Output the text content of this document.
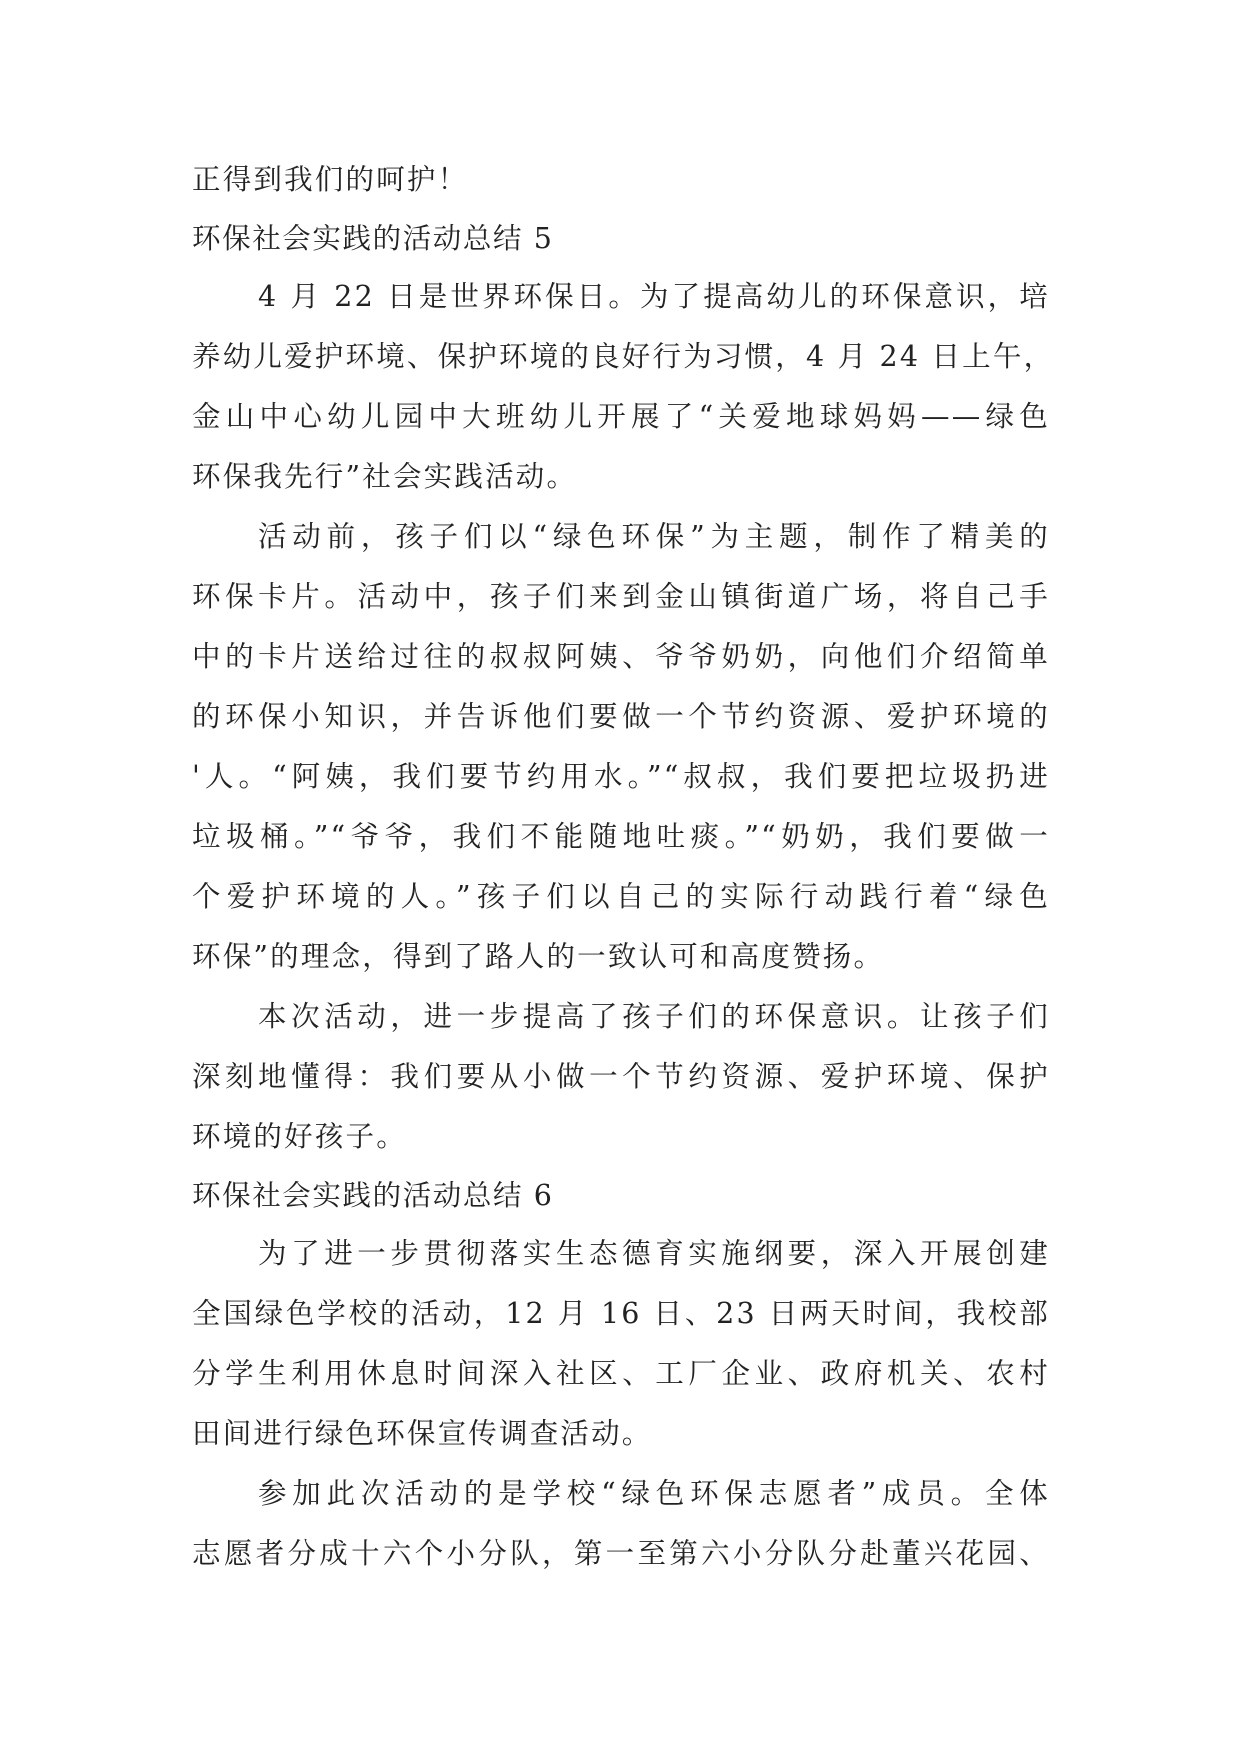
正得到我们的呵护！
环保社会实践的活动总结 5
4 月 22 日是世界环保日。为了提高幼儿的环保意识，培
养幼儿爱护环境、保护环境的良好行为习惯，4 月 24 日上午，
金山中心幼儿园中大班幼儿开展了“关爱地球妈妈——绿色
环保我先行”社会实践活动。
活动前，孩子们以“绿色环保”为主题，制作了精美的
环保卡片。活动中，孩子们来到金山镇街道广场，将自己手
中的卡片送给过往的叔叔阿姨、爷爷奶奶，向他们介绍简单
的环保小知识，并告诉他们要做一个节约资源、爱护环境的
'人。“阿姨，我们要节约用水。”“叔叔，我们要把垃圾扔进
垃圾桶。”“爷爷，我们不能随地吐痰。”“奶奶，我们要做一
个爱护环境的人。”孩子们以自己的实际行动践行着“绿色
环保”的理念，得到了路人的一致认可和高度赞扬。
本次活动，进一步提高了孩子们的环保意识。让孩子们
深刻地懂得：我们要从小做一个节约资源、爱护环境、保护
环境的好孩子。
环保社会实践的活动总结 6
为了进一步贯彻落实生态德育实施纲要，深入开展创建
全国绿色学校的活动，12 月 16 日、23 日两天时间，我校部
分学生利用休息时间深入社区、工厂企业、政府机关、农村
田间进行绿色环保宣传调查活动。
参加此次活动的是学校“绿色环保志愿者”成员。全体
志愿者分成十六个小分队，第一至第六小分队分赴董兴花园、
